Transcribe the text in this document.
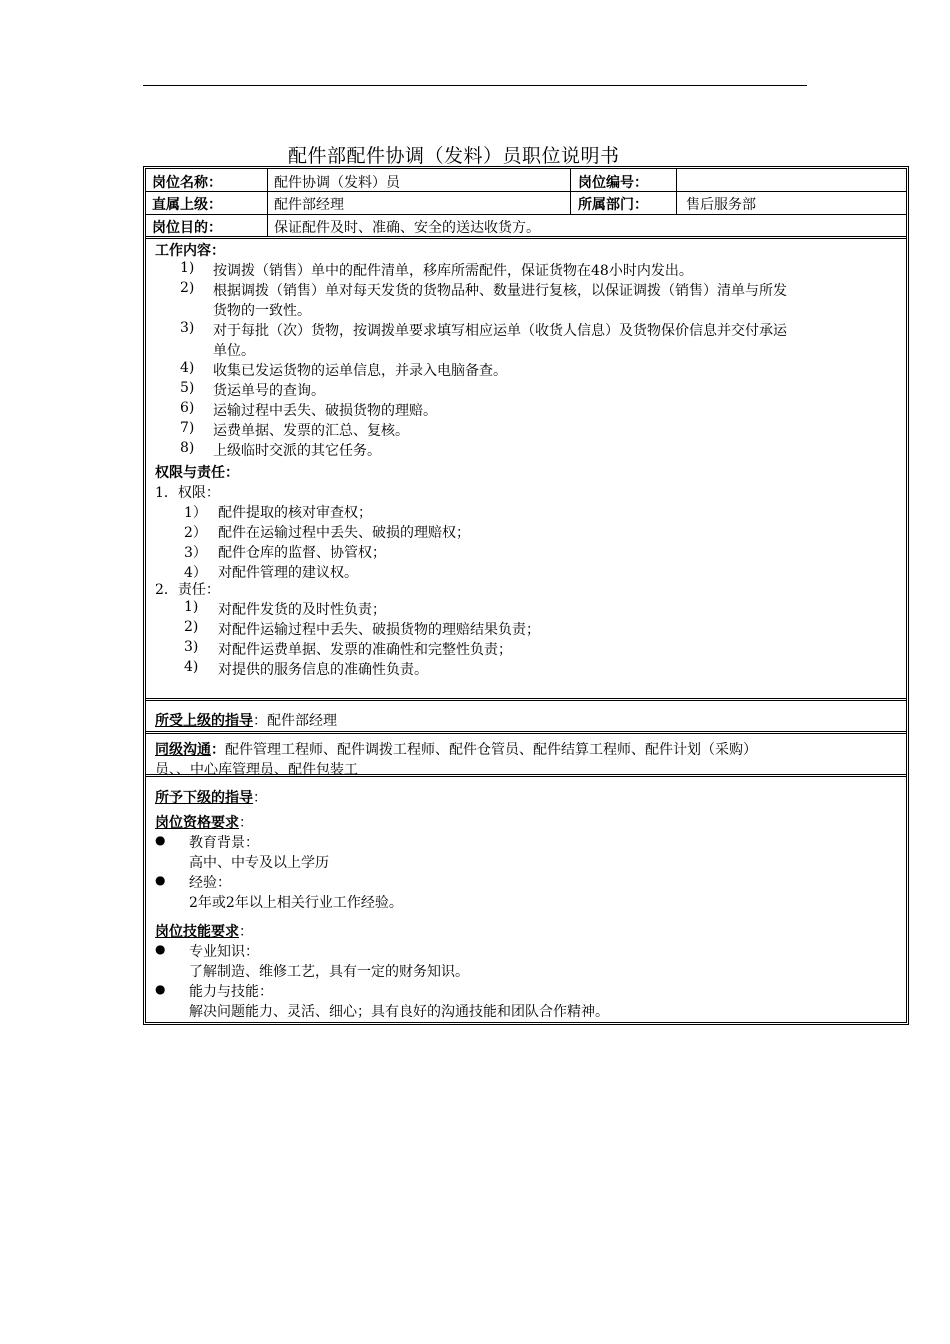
配件部配件协调（发料）员职位说明书
岗位名称：	配件协调（发料）员	岗位编号：
直属上级：	配件部经理	所属部门：	售后服务部
岗位目的：	保证配件及时、准确、安全的送达收货方。
工作内容：
1) 按调拨（销售）单中的配件清单，移库所需配件，保证货物在48小时内发出。
2) 根据调拨（销售）单对每天发货的货物品种、数量进行复核，以保证调拨（销售）清单与所发
货物的一致性。
3) 对于每批（次）货物，按调拨单要求填写相应运单（收货人信息）及货物保价信息并交付承运
单位。
4) 收集已发运货物的运单信息，并录入电脑备查。
5) 货运单号的查询。
6) 运输过程中丢失、破损货物的理赔。
7) 运费单据、发票的汇总、复核。
8) 上级临时交派的其它任务。
权限与责任：
1．权限：
1） 配件提取的核对审查权；
2） 配件在运输过程中丢失、破损的理赔权；
3） 配件仓库的监督、协管权；
4） 对配件管理的建议权。
2．责任：
1) 对配件发货的及时性负责；
2) 对配件运输过程中丢失、破损货物的理赔结果负责；
3) 对配件运费单据、发票的准确性和完整性负责；
4) 对提供的服务信息的准确性负责。
所受上级的指导：配件部经理
同级沟通：配件管理工程师、配件调拨工程师、配件仓管员、配件结算工程师、配件计划（采购）
员、、中心库管理员、配件包装工
所予下级的指导：
岗位资格要求：
● 教育背景：
高中、中专及以上学历
● 经验：
2年或2年以上相关行业工作经验。
岗位技能要求：
● 专业知识：
了解制造、维修工艺，具有一定的财务知识。
● 能力与技能：
解决问题能力、灵活、细心；具有良好的沟通技能和团队合作精神。
